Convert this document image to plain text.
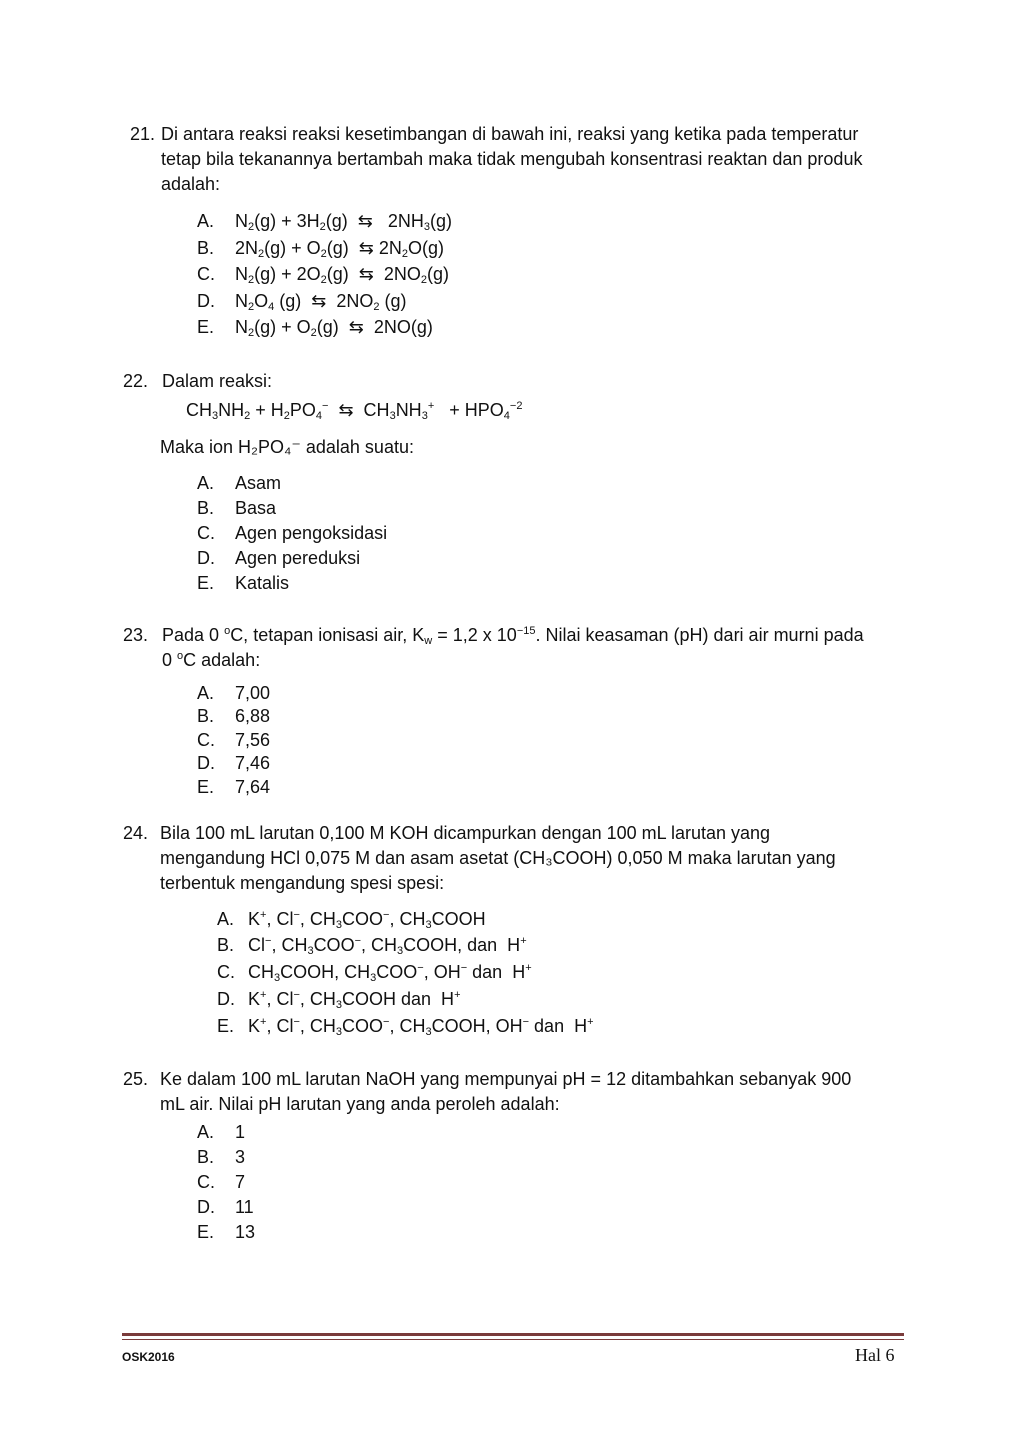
21. Di antara reaksi reaksi kesetimbangan di bawah ini, reaksi yang ketika pada temperatur
tetap bila tekanannya bertambah maka tidak mengubah konsentrasi reaktan dan produk
adalah:
A. $N_2(g) + 3H_2(g)$  ⇆   $2NH_3(g)$
B. $2N_2(g) + O_2(g)$  ⇆ $2N_2O(g)$
C. $N_2(g) + 2O_2(g)$  ⇆  $2NO_2(g)$
D. $N_2O_4$ (g)  ⇆  $2NO_2$ (g)
E. $N_2(g) + O_2(g)$  ⇆  2NO(g)
22. Dalam reaksi:
$CH_3NH_2 + H_2PO_4^-$  ⇆  $CH_3NH_3^+ + HPO_4^{-2}$
Maka ion H₂PO₄⁻ adalah suatu:
A. Asam
B. Basa
C. Agen pengoksidasi
D. Agen pereduksi
E. Katalis
23. Pada 0 $^o$C, tetapan ionisasi air, $K_w = 1,2$ x $10^{-15}$. Nilai keasaman (pH) dari air murni pada
0 $^o$C adalah:
A. 7,00
B. 6,88
C. 7,56
D. 7,46
E. 7,64
24. Bila 100 mL larutan 0,100 M KOH dicampurkan dengan 100 mL larutan yang
mengandung HCl 0,075 M dan asam asetat (CH₃COOH) 0,050 M maka larutan yang
terbentuk mengandung spesi spesi:
A. K+, Cl−, $CH_3COO^-$, $CH_3COOH$
B. Cl−, $CH_3COO^-$, $CH_3COOH$, dan  H+
C. $CH_3COOH$, $CH_3COO^-$, OH− dan  H+
D. K+, Cl−, $CH_3COOH$ dan  H+
E. K+, Cl−, $CH_3COO^-$, $CH_3COOH$, OH− dan  H+
25. Ke dalam 100 mL larutan NaOH yang mempunyai pH = 12 ditambahkan sebanyak 900
mL air. Nilai pH larutan yang anda peroleh adalah:
A. 1
B. 3
C. 7
D. 11
E. 13
OSK2016	Hal 6
